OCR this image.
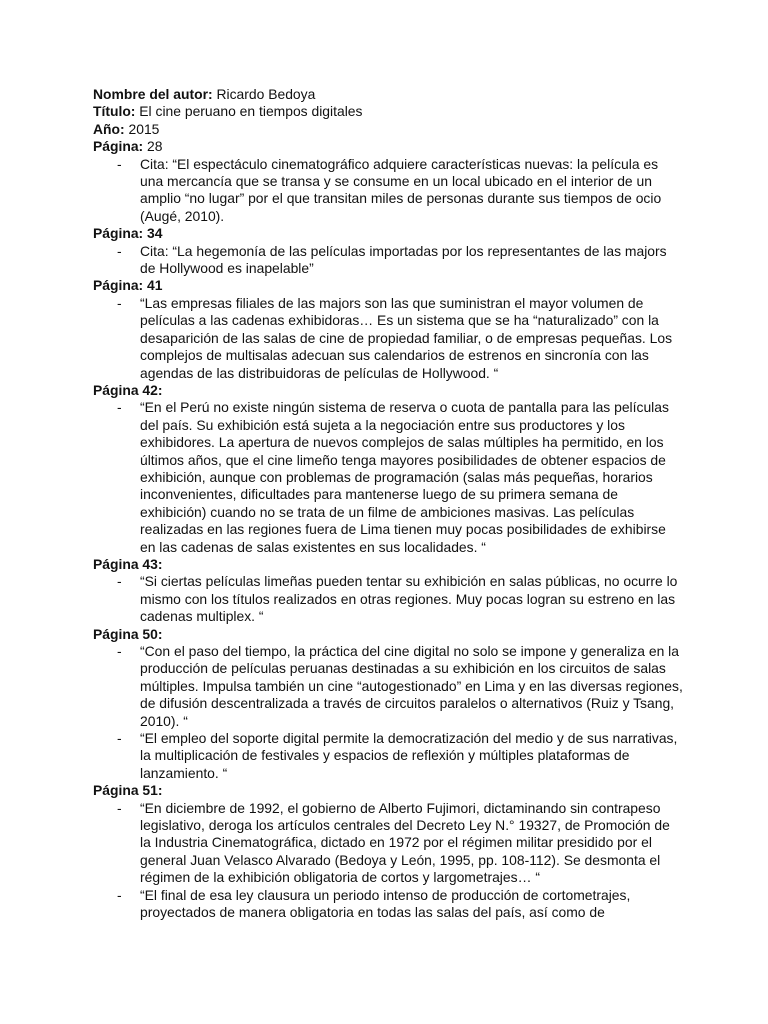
Nombre del autor: Ricardo Bedoya

Título: El cine peruano en tiempos digitales

Año: 2015

Página: 28

- Cita: “El espectáculo cinematográfico adquiere características nuevas: la película es una mercancía que se transa y se consume en un local ubicado en el interior de un amplio “no lugar” por el que transitan miles de personas durante sus tiempos de ocio (Augé, 2010).

Página: 34

- Cita: “La hegemonía de las películas importadas por los representantes de las majors de Hollywood es inapelable”

Página: 41

- “Las empresas filiales de las majors son las que suministran el mayor volumen de películas a las cadenas exhibidoras… Es un sistema que se ha “naturalizado” con la desaparición de las salas de cine de propiedad familiar, o de empresas pequeñas. Los complejos de multisalas adecuan sus calendarios de estrenos en sincronía con las agendas de las distribuidoras de películas de Hollywood. “

Página 42:

- “En el Perú no existe ningún sistema de reserva o cuota de pantalla para las películas del país. Su exhibición está sujeta a la negociación entre sus productores y los exhibidores. La apertura de nuevos complejos de salas múltiples ha permitido, en los últimos años, que el cine limeño tenga mayores posibilidades de obtener espacios de exhibición, aunque con problemas de programación (salas más pequeñas, horarios inconvenientes, dificultades para mantenerse luego de su primera semana de exhibición) cuando no se trata de un filme de ambiciones masivas. Las películas realizadas en las regiones fuera de Lima tienen muy pocas posibilidades de exhibirse en las cadenas de salas existentes en sus localidades. “

Página 43:

- “Si ciertas películas limeñas pueden tentar su exhibición en salas públicas, no ocurre lo mismo con los títulos realizados en otras regiones. Muy pocas logran su estreno en las cadenas multiplex. “

Página 50:

- “Con el paso del tiempo, la práctica del cine digital no solo se impone y generaliza en la producción de películas peruanas destinadas a su exhibición en los circuitos de salas múltiples. Impulsa también un cine “autogestionado” en Lima y en las diversas regiones, de difusión descentralizada a través de circuitos paralelos o alternativos (Ruiz y Tsang, 2010). “
- “El empleo del soporte digital permite la democratización del medio y de sus narrativas, la multiplicación de festivales y espacios de reflexión y múltiples plataformas de lanzamiento. “

Página 51:

- “En diciembre de 1992, el gobierno de Alberto Fujimori, dictaminando sin contrapeso legislativo, deroga los artículos centrales del Decreto Ley N.° 19327, de Promoción de la Industria Cinematográfica, dictado en 1972 por el régimen militar presidido por el general Juan Velasco Alvarado (Bedoya y León, 1995, pp. 108-112). Se desmonta el régimen de la exhibición obligatoria de cortos y largometrajes… “
- “El final de esa ley clausura un periodo intenso de producción de cortometrajes, proyectados de manera obligatoria en todas las salas del país, así como de
